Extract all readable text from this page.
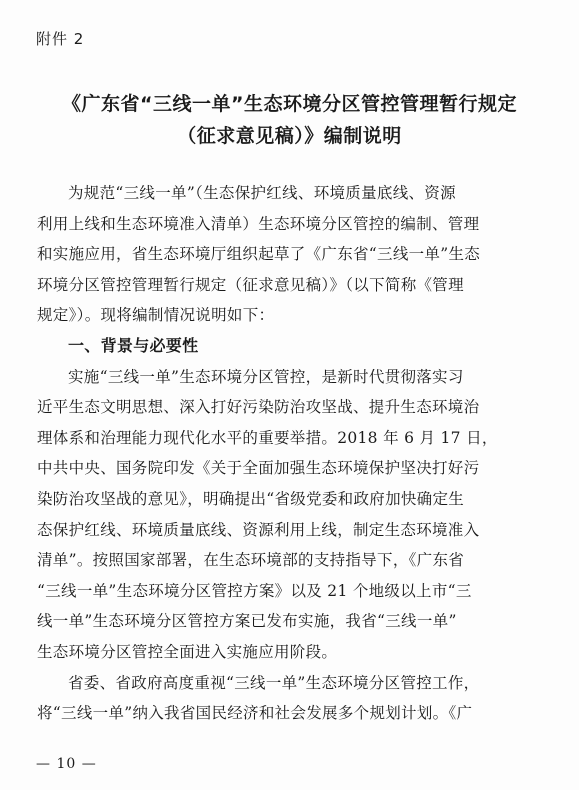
附件 2
《广东省“三线一单”生态环境分区管控管理暂行规定
（征求意见稿）》编制说明
为规范“三线一单”（生态保护红线、环境质量底线、资源
利用上线和生态环境准入清单）生态环境分区管控的编制、管理
和实施应用，省生态环境厅组织起草了《广东省“三线一单”生态
环境分区管控管理暂行规定（征求意见稿）》（以下简称《管理
规定》）。现将编制情况说明如下：
一、背景与必要性
实施“三线一单”生态环境分区管控，是新时代贯彻落实习
近平生态文明思想、深入打好污染防治攻坚战、提升生态环境治
理体系和治理能力现代化水平的重要举措。2018 年 6 月 17 日，
中共中央、国务院印发《关于全面加强生态环境保护坚决打好污
染防治攻坚战的意见》，明确提出“省级党委和政府加快确定生
态保护红线、环境质量底线、资源利用上线，制定生态环境准入
清单”。按照国家部署，在生态环境部的支持指导下，《广东省
“三线一单”生态环境分区管控方案》以及 21 个地级以上市“三
线一单”生态环境分区管控方案已发布实施，我省“三线一单”
生态环境分区管控全面进入实施应用阶段。
省委、省政府高度重视“三线一单”生态环境分区管控工作，
将“三线一单”纳入我省国民经济和社会发展多个规划计划。《广
— 10 —
